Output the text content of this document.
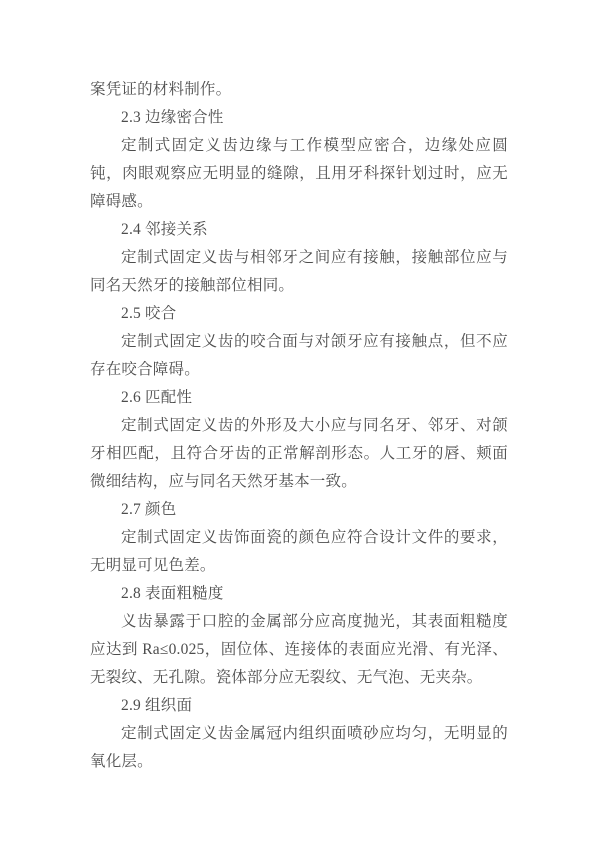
案凭证的材料制作。

2.3 边缘密合性

定制式固定义齿边缘与工作模型应密合，边缘处应圆钝，肉眼观察应无明显的缝隙，且用牙科探针划过时，应无障碍感。

2.4 邻接关系

定制式固定义齿与相邻牙之间应有接触，接触部位应与同名天然牙的接触部位相同。

2.5 咬合

定制式固定义齿的咬合面与对颌牙应有接触点，但不应存在咬合障碍。

2.6 匹配性

定制式固定义齿的外形及大小应与同名牙、邻牙、对颌牙相匹配，且符合牙齿的正常解剖形态。人工牙的唇、颊面微细结构，应与同名天然牙基本一致。

2.7 颜色

定制式固定义齿饰面瓷的颜色应符合设计文件的要求，无明显可见色差。

2.8 表面粗糙度

义齿暴露于口腔的金属部分应高度抛光，其表面粗糙度应达到 Ra≤0.025，固位体、连接体的表面应光滑、有光泽、无裂纹、无孔隙。瓷体部分应无裂纹、无气泡、无夹杂。

2.9 组织面

定制式固定义齿金属冠内组织面喷砂应均匀，无明显的氧化层。
